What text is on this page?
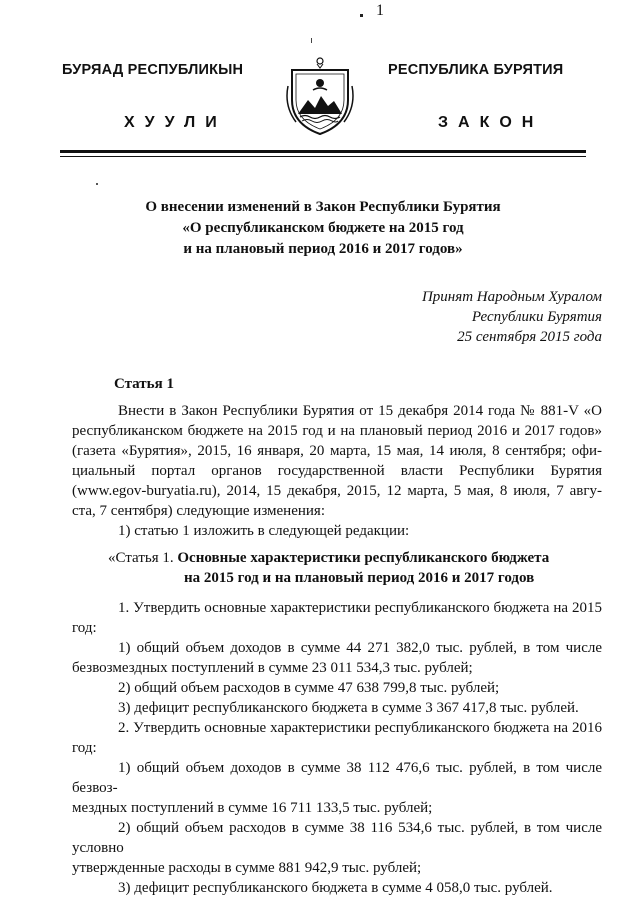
1
БУРЯАД РЕСПУБЛИКЫН	РЕСПУБЛИКА БУРЯТИЯ
ХУУЛИ	ЗАКОН
О внесении изменений в Закон Республики Бурятия
«О республиканском бюджете на 2015 год
и на плановый период 2016 и 2017 годов»
Принят Народным Хуралом
Республики Бурятия
25 сентября 2015 года
Статья 1

Внести в Закон Республики Бурятия от 15 декабря 2014 года № 881-V «О

республиканском бюджете на 2015 год и на плановый период 2016 и 2017 годов»

(газета «Бурятия», 2015, 16 января, 20 марта, 15 мая, 14 июля, 8 сентября; офи-

циальный портал органов государственной власти Республики Бурятия

(www.egov-buryatia.ru), 2014, 15 декабря, 2015, 12 марта, 5 мая, 8 июля, 7 авгу-

ста, 7 сентября) следующие изменения:

1) статью 1 изложить в следующей редакции:

«Статья 1. Основные характеристики республиканского бюджета
на 2015 год и на плановый период 2016 и 2017 годов

1. Утвердить основные характеристики республиканского бюджета на 2015

год:

1) общий объем доходов в сумме 44 271 382,0 тыс. рублей, в том числе

безвозмездных поступлений в сумме 23 011 534,3 тыс. рублей;

2) общий объем расходов в сумме 47 638 799,8 тыс. рублей;

3) дефицит республиканского бюджета в сумме 3 367 417,8 тыс. рублей.

2. Утвердить основные характеристики республиканского бюджета на 2016

год:

1) общий объем доходов в сумме 38 112 476,6 тыс. рублей, в том числе безвоз-

мездных поступлений в сумме 16 711 133,5 тыс. рублей;

2) общий объем расходов в сумме 38 116 534,6 тыс. рублей, в том числе условно

утвержденные расходы в сумме 881 942,9 тыс. рублей;

3) дефицит республиканского бюджета в сумме 4 058,0 тыс. рублей.
